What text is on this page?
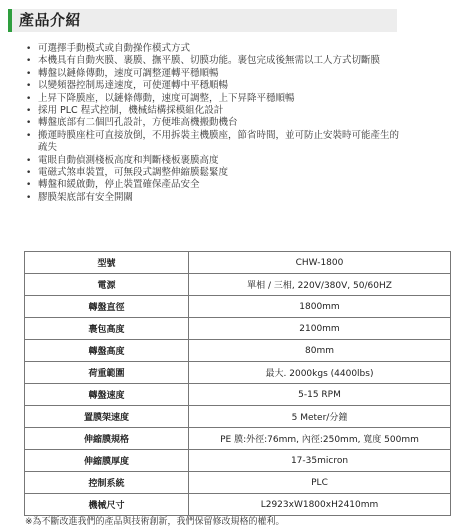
產品介紹
• 可選擇手動模式或自動操作模式方式
• 本機具有自動夾膜、裹膜、撫平膜、切膜功能。裹包完成後無需以工人方式切斷膜
• 轉盤以鏈條傳動，速度可調整運轉平穩順暢
• 以變頻器控制馬達速度，可使運轉中平穩順暢
• 上昇下降膜座，以鏈條傳動，速度可調整，上下昇降平穩順暢
• 採用 PLC 程式控制，機械結構採模組化設計
• 轉盤底部有二個凹孔設計，方便堆高機搬動機台
• 搬運時膜座柱可直接放倒，不用拆裝主機膜座，節省時間，並可防止安裝時可能產生的疏失
• 電眼自動偵測棧板高度和判斷棧板裹膜高度
• 電磁式煞車裝置，可無段式調整伸縮膜鬆緊度
• 轉盤和緩啟動，停止裝置確保產品安全
• 膠膜架底部有安全開關
型號	CHW-1800
電源	單相 / 三相, 220V/380V, 50/60HZ
轉盤直徑	1800mm
裹包高度	2100mm
轉盤高度	80mm
荷重範圍	最大. 2000kgs (4400lbs)
轉盤速度	5-15 RPM
置膜架速度	5 Meter/分鐘
伸縮膜規格	PE 膜:外徑:76mm, 內徑:250mm, 寬度 500mm
伸縮膜厚度	17-35micron
控制系統	PLC
機械尺寸	L2923xW1800xH2410mm
※為不斷改進我們的產品與技術創新，我們保留修改規格的權利。
